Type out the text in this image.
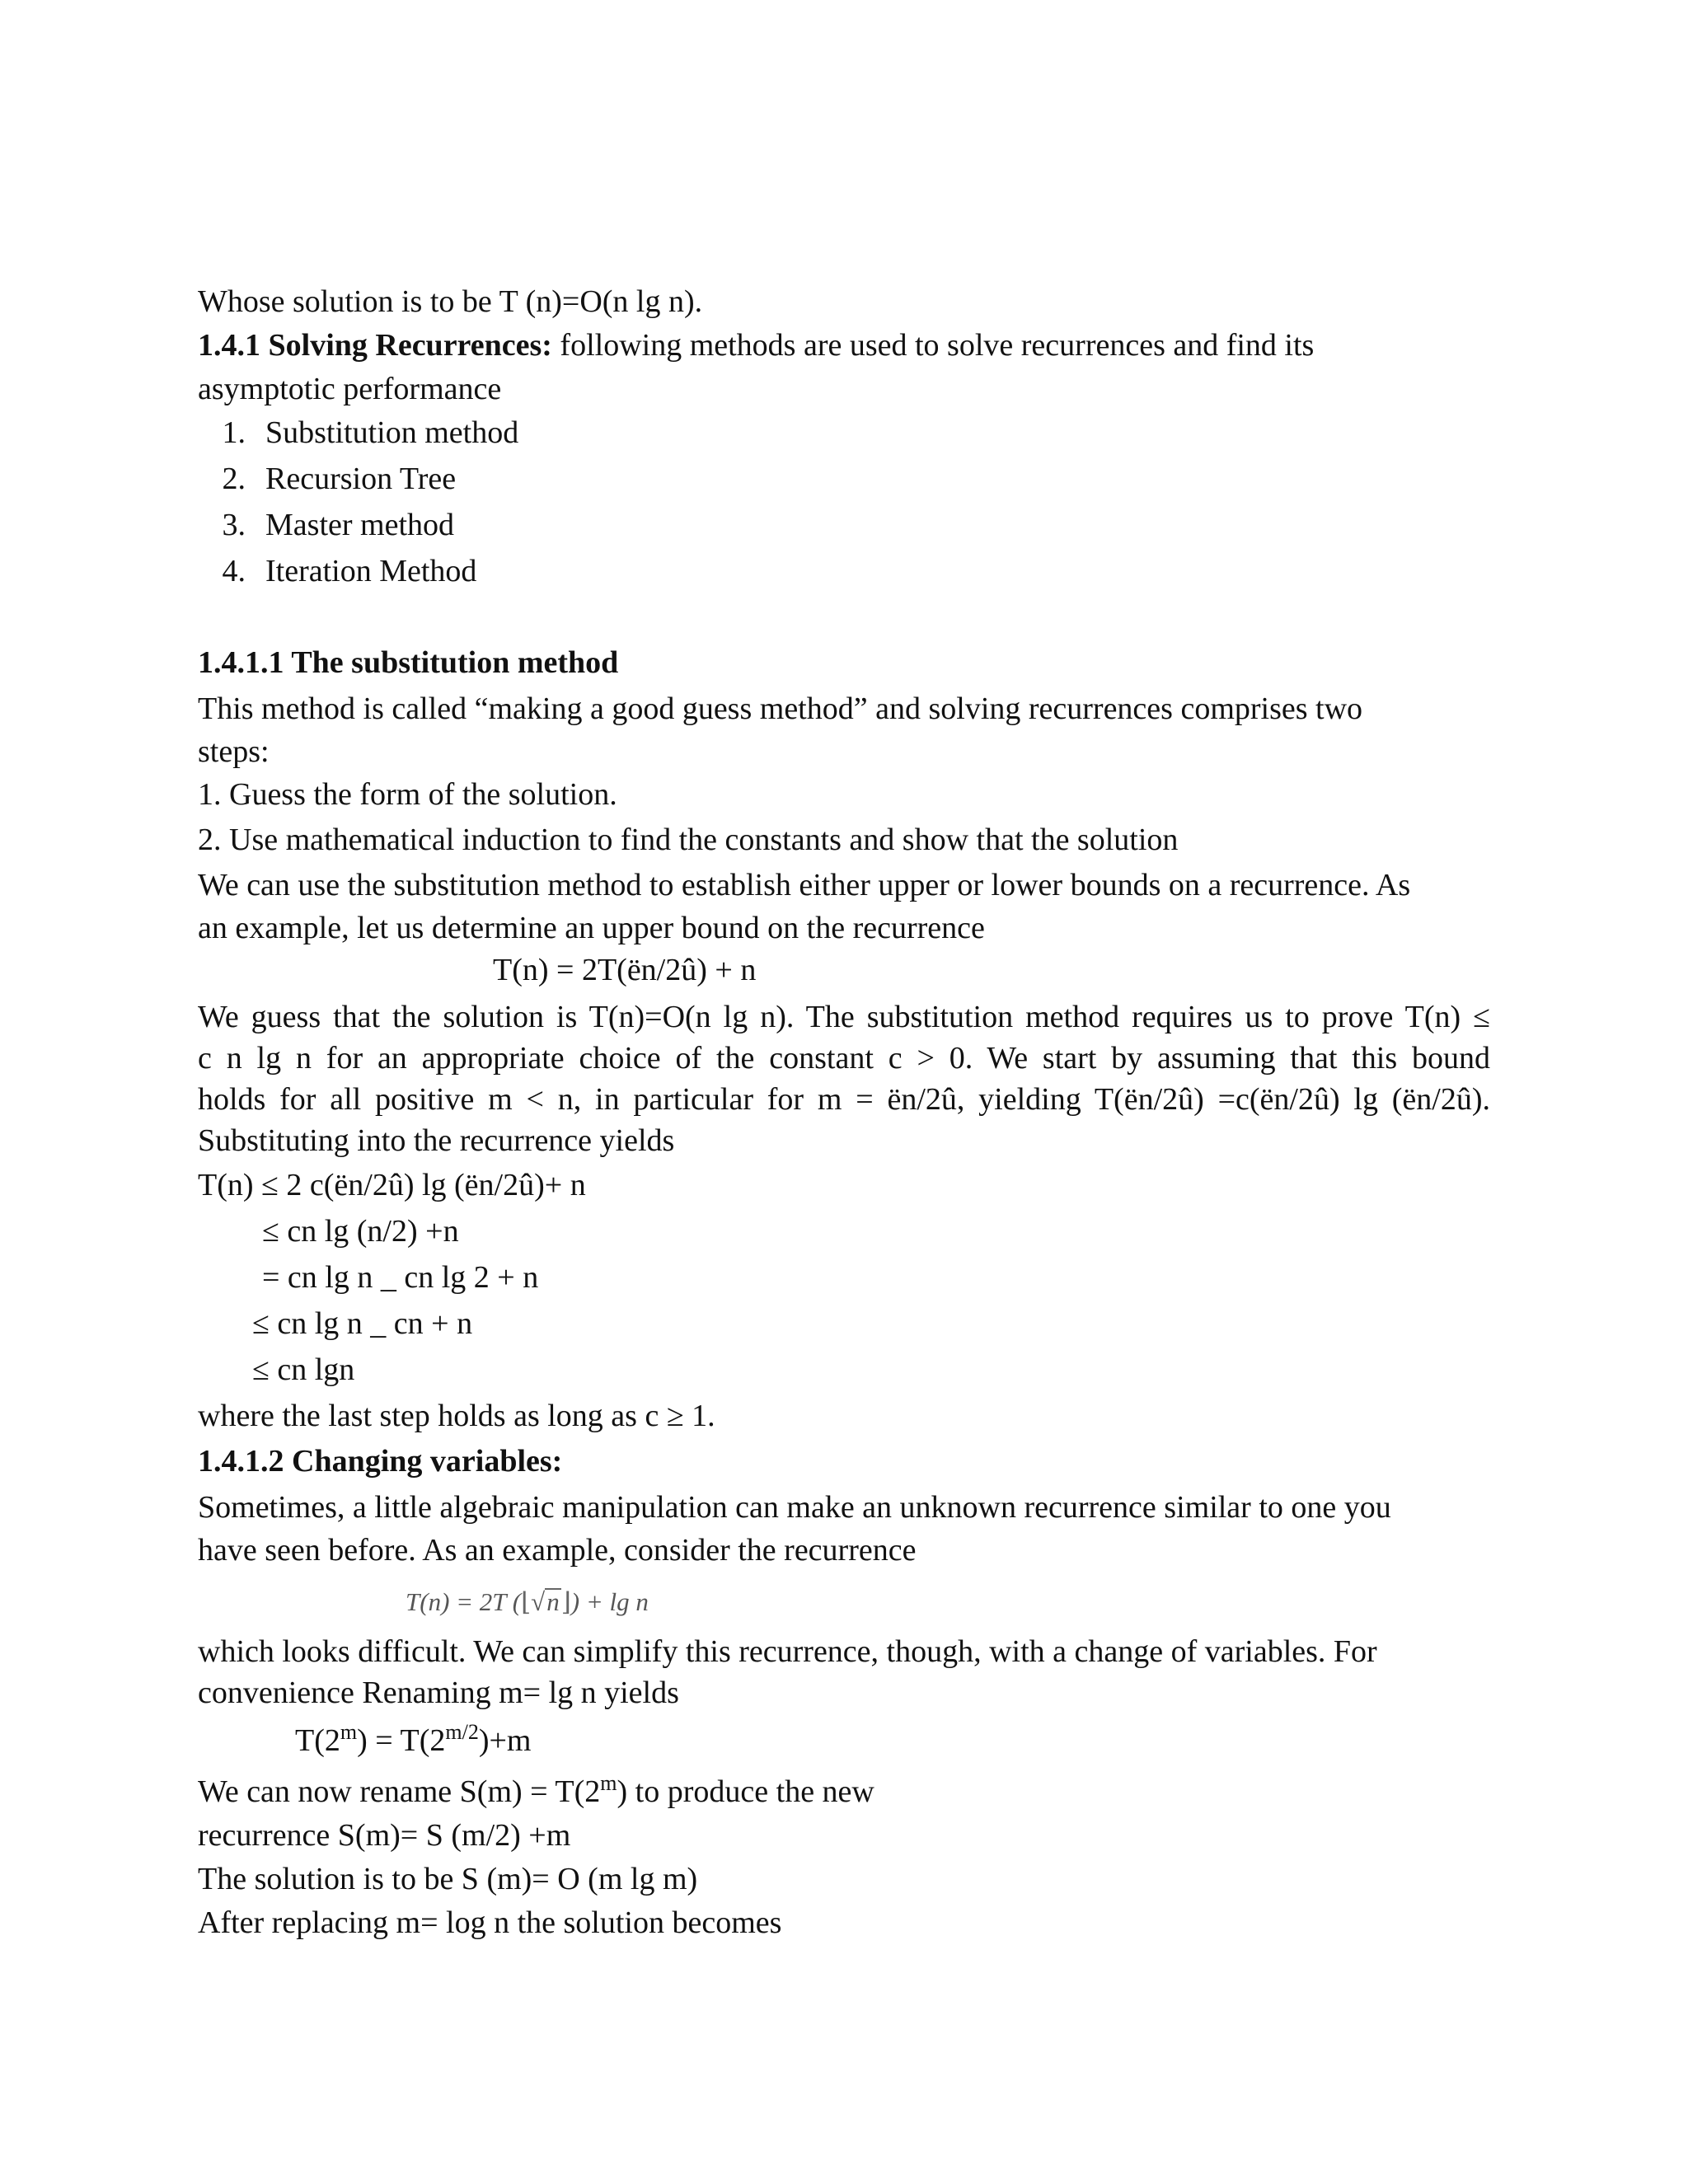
Whose solution is to be T (n)=O(n lg n).

1.4.1 Solving Recurrences: following methods are used to solve recurrences and find its

asymptotic performance

1. Substitution method

2. Recursion Tree

3. Master method

4. Iteration Method

1.4.1.1 The substitution method

This method is called “making a good guess method” and solving recurrences comprises two

steps:

1. Guess the form of the solution.

2. Use mathematical induction to find the constants and show that the solution

We can use the substitution method to establish either upper or lower bounds on a recurrence. As

an example, let us determine an upper bound on the recurrence

T(n) = 2T(ën/2û) + n

We guess that the solution is T(n)=O(n lg n). The substitution method requires us to prove T(n) ≤

c n lg n for an appropriate choice of the constant c > 0. We start by assuming that this bound

holds for all positive m < n, in particular for m = ën/2û, yielding T(ën/2û) =c(ën/2û) lg (ën/2û).

Substituting into the recurrence yields

T(n) ≤ 2 c(ën/2û) lg (ën/2û)+ n

≤ cn lg (n/2) +n

= cn lg n _ cn lg 2 + n

≤ cn lg n _ cn + n

≤ cn lgn

where the last step holds as long as c ≥ 1.

1.4.1.2 Changing variables:

Sometimes, a little algebraic manipulation can make an unknown recurrence similar to one you

have seen before. As an example, consider the recurrence

T(n) = 2T (⌊√n⌋) + lg n

which looks difficult. We can simplify this recurrence, though, with a change of variables. For

convenience Renaming m= lg n yields

$T(2^m) = T(2^{m/2})+m$

We can now rename $S(m) = T(2^m)$ to produce the new

recurrence S(m)= S (m/2) +m

The solution is to be S (m)= O (m lg m)

After replacing m= log n the solution becomes
